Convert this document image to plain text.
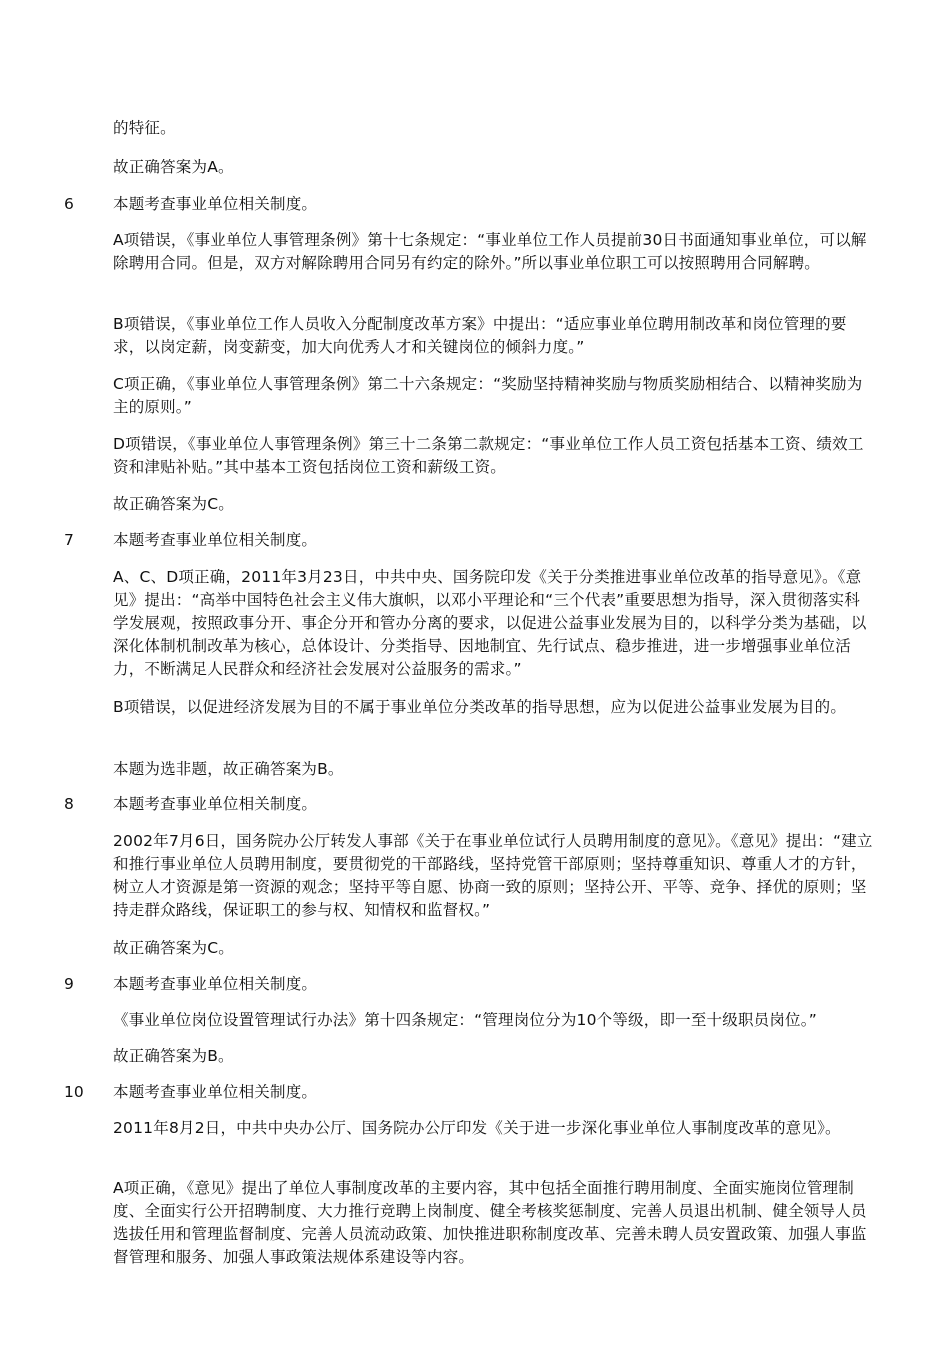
的特征。

故正确答案为A。

6	本题考查事业单位相关制度。

A项错误，《事业单位人事管理条例》第十七条规定：“事业单位工作人员提前30日书面通知事业单位，可以解除聘用合同。但是，双方对解除聘用合同另有约定的除外。”所以事业单位职工可以按照聘用合同解聘。

B项错误，《事业单位工作人员收入分配制度改革方案》中提出：“适应事业单位聘用制改革和岗位管理的要求，以岗定薪，岗变薪变，加大向优秀人才和关键岗位的倾斜力度。”

C项正确，《事业单位人事管理条例》第二十六条规定：“奖励坚持精神奖励与物质奖励相结合、以精神奖励为主的原则。”

D项错误，《事业单位人事管理条例》第三十二条第二款规定：“事业单位工作人员工资包括基本工资、绩效工资和津贴补贴。”其中基本工资包括岗位工资和薪级工资。

故正确答案为C。

7	本题考查事业单位相关制度。

A、C、D项正确，2011年3月23日，中共中央、国务院印发《关于分类推进事业单位改革的指导意见》。《意见》提出：“高举中国特色社会主义伟大旗帜，以邓小平理论和“三个代表”重要思想为指导，深入贯彻落实科学发展观，按照政事分开、事企分开和管办分离的要求，以促进公益事业发展为目的，以科学分类为基础，以深化体制机制改革为核心，总体设计、分类指导、因地制宜、先行试点、稳步推进，进一步增强事业单位活力，不断满足人民群众和经济社会发展对公益服务的需求。”

B项错误，以促进经济发展为目的不属于事业单位分类改革的指导思想，应为以促进公益事业发展为目的。

本题为选非题，故正确答案为B。

8	本题考查事业单位相关制度。

2002年7月6日，国务院办公厅转发人事部《关于在事业单位试行人员聘用制度的意见》。《意见》提出：“建立和推行事业单位人员聘用制度，要贯彻党的干部路线，坚持党管干部原则；坚持尊重知识、尊重人才的方针，树立人才资源是第一资源的观念；坚持平等自愿、协商一致的原则；坚持公开、平等、竞争、择优的原则；坚持走群众路线，保证职工的参与权、知情权和监督权。”

故正确答案为C。

9	本题考查事业单位相关制度。

《事业单位岗位设置管理试行办法》第十四条规定：“管理岗位分为10个等级，即一至十级职员岗位。”

故正确答案为B。

10 本题考查事业单位相关制度。

2011年8月2日，中共中央办公厅、国务院办公厅印发《关于进一步深化事业单位人事制度改革的意见》。

A项正确，《意见》提出了单位人事制度改革的主要内容，其中包括全面推行聘用制度、全面实施岗位管理制度、全面实行公开招聘制度、大力推行竞聘上岗制度、健全考核奖惩制度、完善人员退出机制、健全领导人员选拔任用和管理监督制度、完善人员流动政策、加快推进职称制度改革、完善未聘人员安置政策、加强人事监督管理和服务、加强人事政策法规体系建设等内容。
